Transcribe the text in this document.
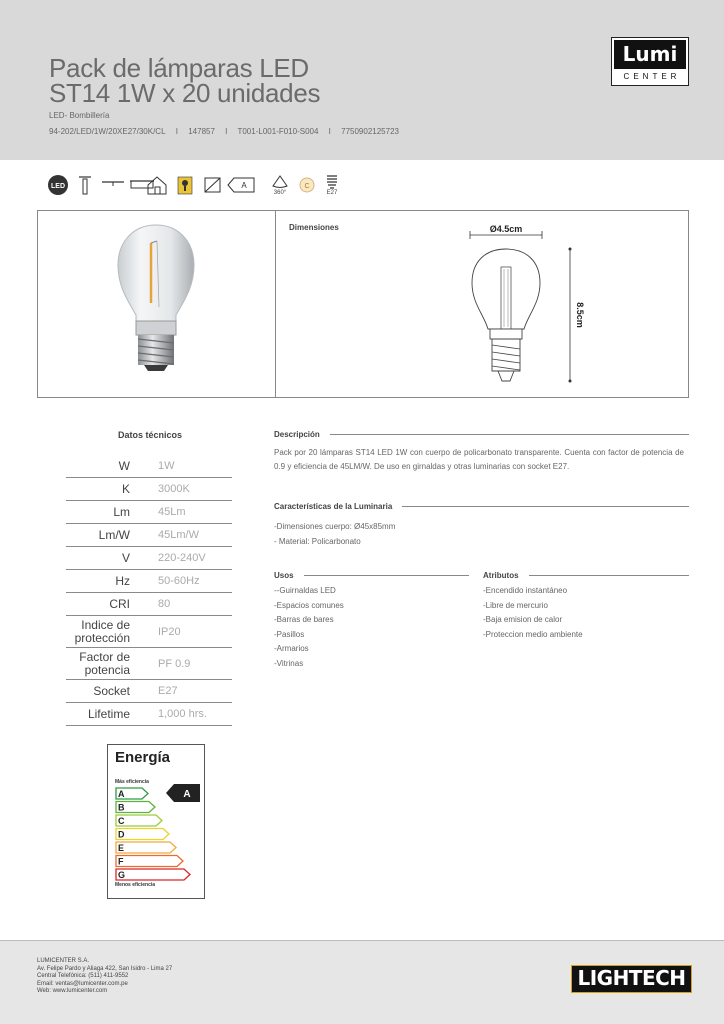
Pack de lámparas LED
ST14 1W x 20 unidades
LED- Bombillería
94-202/LED/1W/20XE27/30K/CL I 147857 I T001-L001-F010-S004 I 7750902125723
Lumi
CENTER
LED	A
360°
C
E27
Dimensiones	Ø4.5cm
8.5cm
Datos técnicos
W	1W
K	3000K
Lm	45Lm
Lm/W	45Lm/W
V	220-240V
Hz	50-60Hz
CRI	80
Indice de protección	IP20
Factor de potencia	PF 0.9
Socket	E27
Lifetime	1,000 hrs.
Descripción
Pack por 20 lámparas ST14 LED 1W con cuerpo de policarbonato transparente. Cuenta con factor de potencia de 0.9 y eficiencia de 45LM/W. De uso en girnaldas y otras luminarias con socket E27.
Características de la Luminaria
-Dimensiones cuerpo: Ø45x85mm
- Material: Policarbonato
Usos
--Guirnaldas LED
-Espacios comunes
-Barras de bares
-Pasillos
-Armarios
-Vitrinas
Atributos
-Encendido instantáneo
-Libre de mercurio
-Baja emision de calor
-Proteccion medio ambiente
Energía
Más eficiencia
A
B
C
D
E
F
G
A
Menos eficiencia
LUMICENTER S.A.
Av. Felipe Pardo y Aliaga 422, San Isidro - Lima 27
Central Telefónica: (511) 411-9552
Email: ventas@lumicenter.com.pe
Web: www.lumicenter.com
LIGHTECH
